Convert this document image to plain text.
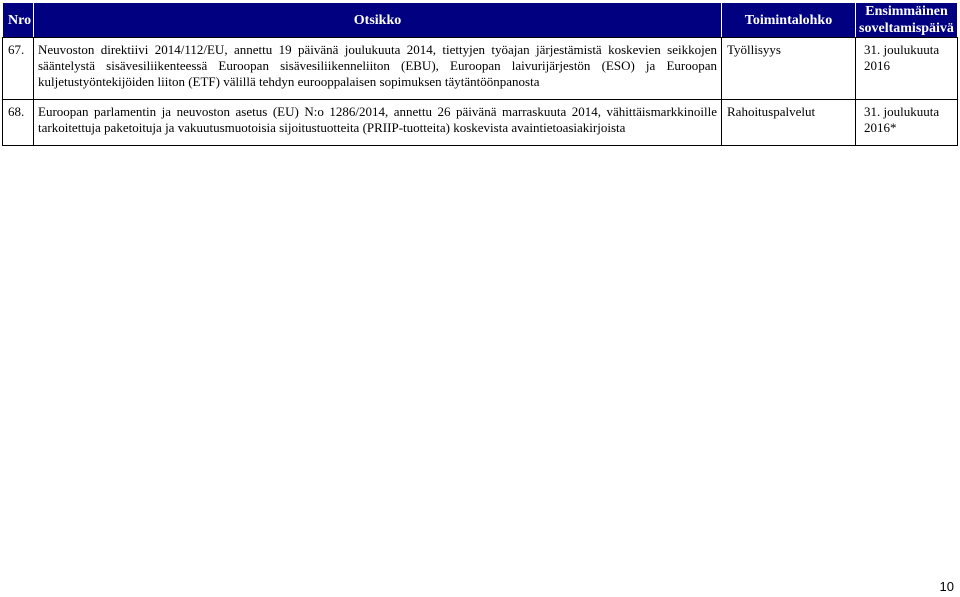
Nro	Otsikko	Toimintalohko	Ensimmäinen soveltamispäivä
67.	Neuvoston direktiivi 2014/112/EU, annettu 19 päivänä joulukuuta 2014, tiettyjen työajan järjestämistä koskevien seikkojen sääntelystä sisävesiliikenteessä Euroopan sisävesiliikenneliiton (EBU), Euroopan laivurijärjestön (ESO) ja Euroopan kuljetustyöntekijöiden liiton (ETF) välillä tehdyn eurooppalaisen sopimuksen täytäntöönpanosta	Työllisyys	31. joulukuuta 2016
68.	Euroopan parlamentin ja neuvoston asetus (EU) N:o 1286/2014, annettu 26 päivänä marraskuuta 2014, vähittäismarkkinoille tarkoitettuja paketoituja ja vakuutusmuotoisia sijoitustuotteita (PRIIP-tuotteita) koskevista avaintietoasiakirjoista	Rahoituspalvelut	31. joulukuuta 2016*
10
